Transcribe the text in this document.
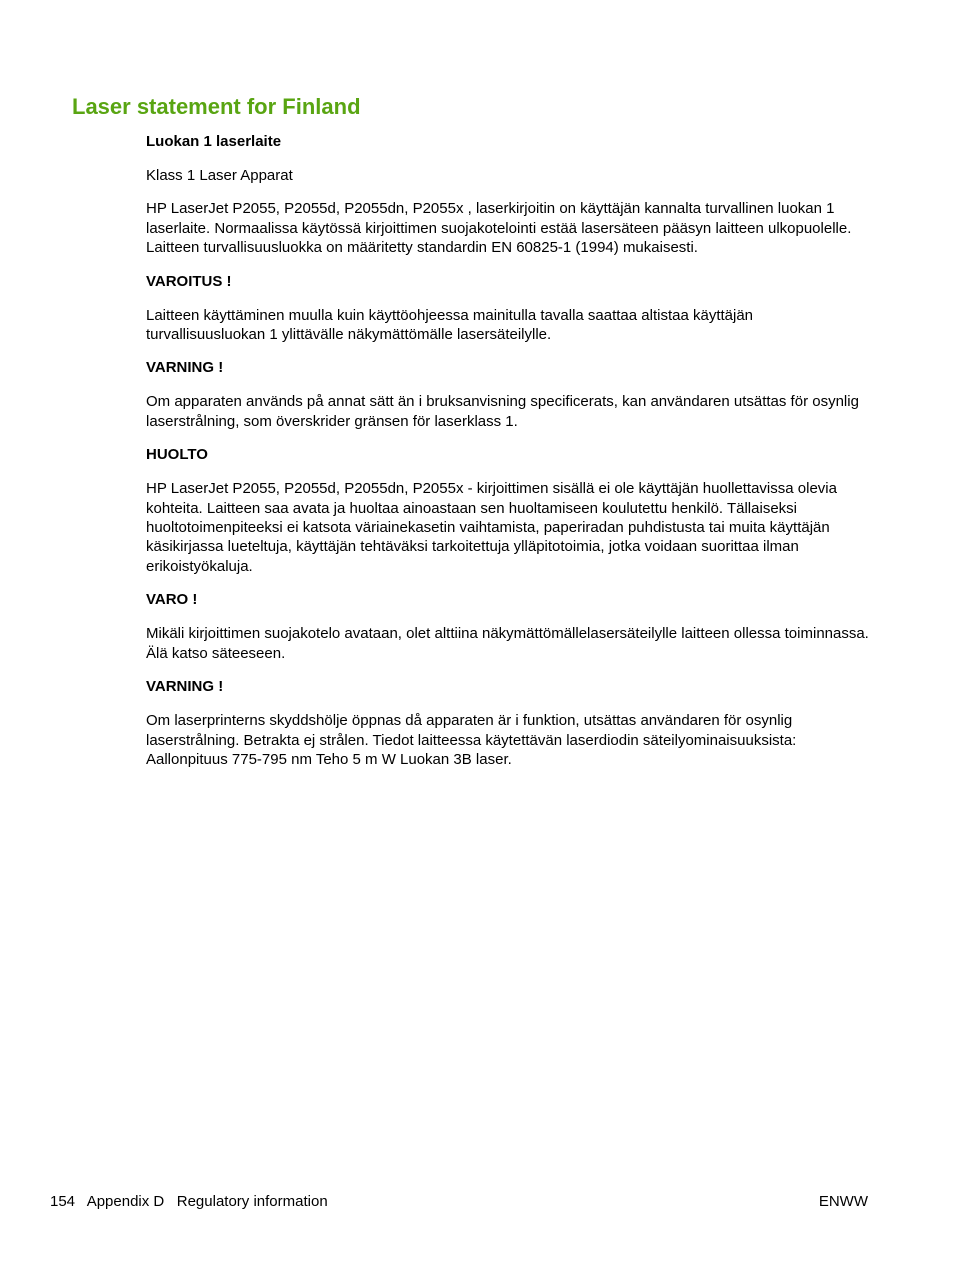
Laser statement for Finland

Luokan 1 laserlaite

Klass 1 Laser Apparat

HP LaserJet P2055, P2055d, P2055dn, P2055x , laserkirjoitin on käyttäjän kannalta turvallinen luokan 1 laserlaite. Normaalissa käytössä kirjoittimen suojakotelointi estää lasersäteen pääsyn laitteen ulkopuolelle. Laitteen turvallisuusluokka on määritetty standardin EN 60825-1 (1994) mukaisesti.

VAROITUS !

Laitteen käyttäminen muulla kuin käyttöohjeessa mainitulla tavalla saattaa altistaa käyttäjän turvallisuusluokan 1 ylittävälle näkymättömälle lasersäteilylle.

VARNING !

Om apparaten används på annat sätt än i bruksanvisning specificerats, kan användaren utsättas för osynlig laserstrålning, som överskrider gränsen för laserklass 1.

HUOLTO

HP LaserJet P2055, P2055d, P2055dn, P2055x - kirjoittimen sisällä ei ole käyttäjän huollettavissa olevia kohteita. Laitteen saa avata ja huoltaa ainoastaan sen huoltamiseen koulutettu henkilö. Tällaiseksi huoltotoimenpiteeksi ei katsota väriainekasetin vaihtamista, paperiradan puhdistusta tai muita käyttäjän käsikirjassa lueteltuja, käyttäjän tehtäväksi tarkoitettuja ylläpitotoimia, jotka voidaan suorittaa ilman erikoistyökaluja.

VARO !

Mikäli kirjoittimen suojakotelo avataan, olet alttiina näkymättömällelasersäteilylle laitteen ollessa toiminnassa. Älä katso säteeseen.

VARNING !

Om laserprinterns skyddshölje öppnas då apparaten är i funktion, utsättas användaren för osynlig laserstrålning. Betrakta ej strålen. Tiedot laitteessa käytettävän laserdiodin säteilyominaisuuksista: Aallonpituus 775-795 nm Teho 5 m W Luokan 3B laser.

154   Appendix D   Regulatory information	ENWW
